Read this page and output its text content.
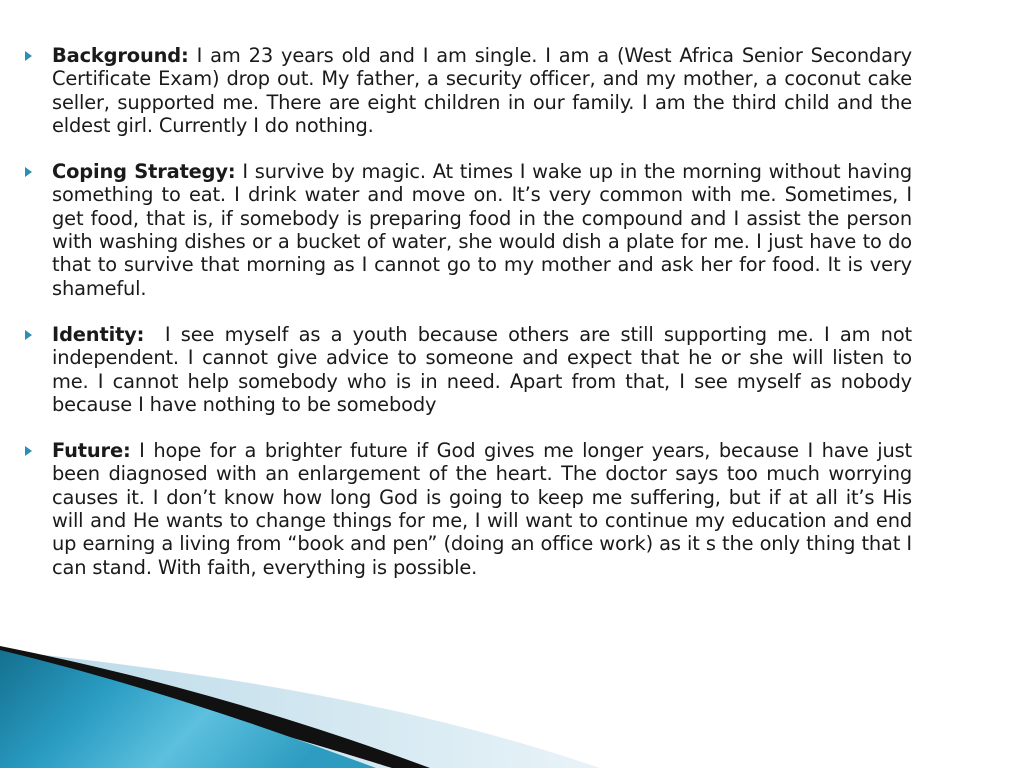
Background: I am 23 years old and I am single. I am a (West Africa Senior Secondary Certificate Exam) drop out. My father, a security officer, and my mother, a coconut cake seller, supported me. There are eight children in our family. I am the third child and the eldest girl. Currently I do nothing.

Coping Strategy: I survive by magic. At times I wake up in the morning without having something to eat. I drink water and move on. It’s very common with me. Sometimes, I get food, that is, if somebody is preparing food in the compound and I assist the person with washing dishes or a bucket of water, she would dish a plate for me. I just have to do that to survive that morning as I cannot go to my mother and ask her for food. It is very shameful.

Identity: I see myself as a youth because others are still supporting me. I am not independent. I cannot give advice to someone and expect that he or she will listen to me. I cannot help somebody who is in need. Apart from that, I see myself as nobody because I have nothing to be somebody

Future: I hope for a brighter future if God gives me longer years, because I have just been diagnosed with an enlargement of the heart. The doctor says too much worrying causes it. I don’t know how long God is going to keep me suffering, but if at all it’s His will and He wants to change things for me, I will want to continue my education and end up earning a living from “book and pen” (doing an office work) as it s the only thing that I can stand. With faith, everything is possible.
